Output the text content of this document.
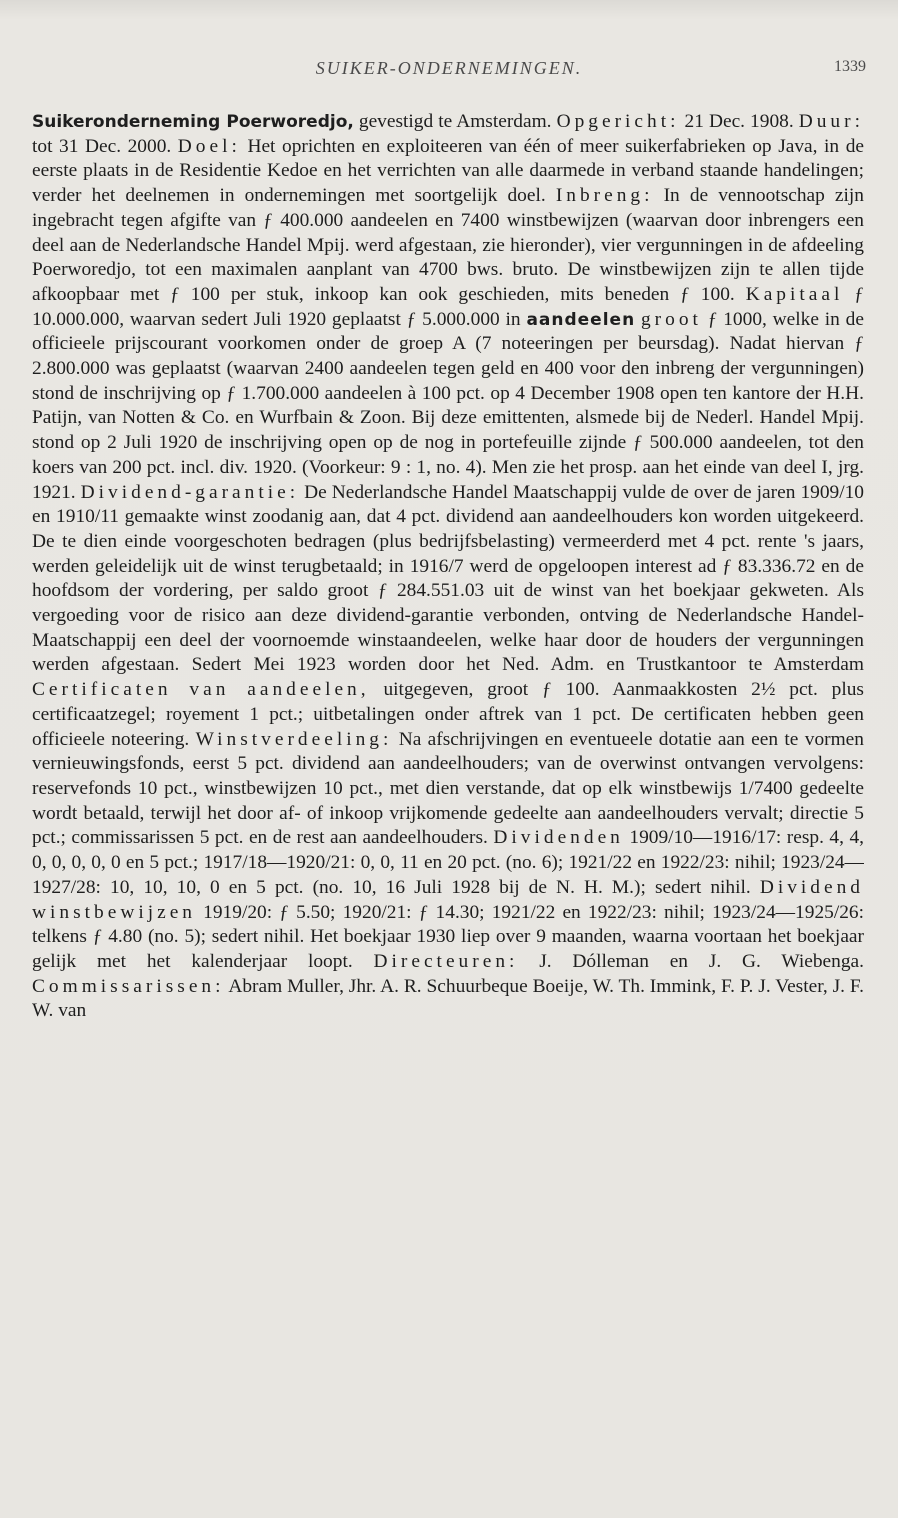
SUIKER-ONDERNEMINGEN.	1339

Suikeronderneming Poerworedjo, gevestigd te Amsterdam. Opgericht: 21 Dec. 1908. Duur: tot 31 Dec. 2000. Doel: Het oprichten en exploiteeren van één of meer suikerfabrieken op Java, in de eerste plaats in de Residentie Kedoe en het verrichten van alle daarmede in verband staande handelingen; verder het deelnemen in ondernemingen met soortgelijk doel. Inbreng: In de vennootschap zijn ingebracht tegen afgifte van ƒ 400.000 aandeelen en 7400 winstbewijzen (waarvan door inbrengers een deel aan de Nederlandsche Handel Mpij. werd afgestaan, zie hieronder), vier vergunningen in de afdeeling Poerworedjo, tot een maximalen aanplant van 4700 bws. bruto. De winstbewijzen zijn te allen tijde afkoopbaar met ƒ 100 per stuk, inkoop kan ook geschieden, mits beneden ƒ 100. Kapitaal ƒ 10.000.000, waarvan sedert Juli 1920 geplaatst ƒ 5.000.000 in aandeelen groot ƒ 1000, welke in de officieele prijscourant voorkomen onder de groep A (7 noteeringen per beursdag). Nadat hiervan ƒ 2.800.000 was geplaatst (waarvan 2400 aandeelen tegen geld en 400 voor den inbreng der vergunningen) stond de inschrijving op ƒ 1.700.000 aandeelen à 100 pct. op 4 December 1908 open ten kantore der H.H. Patijn, van Notten & Co. en Wurfbain & Zoon. Bij deze emittenten, alsmede bij de Nederl. Handel Mpij. stond op 2 Juli 1920 de inschrijving open op de nog in portefeuille zijnde ƒ 500.000 aandeelen, tot den koers van 200 pct. incl. div. 1920. (Voorkeur: 9 : 1, no. 4). Men zie het prosp. aan het einde van deel I, jrg. 1921. Dividend-garantie: De Nederlandsche Handel Maatschappij vulde de over de jaren 1909/10 en 1910/11 gemaakte winst zoodanig aan, dat 4 pct. dividend aan aandeelhouders kon worden uitgekeerd. De te dien einde voorgeschoten bedragen (plus bedrijfsbelasting) vermeerderd met 4 pct. rente 's jaars, werden geleidelijk uit de winst terugbetaald; in 1916/7 werd de opgeloopen interest ad ƒ 83.336.72 en de hoofdsom der vordering, per saldo groot ƒ 284.551.03 uit de winst van het boekjaar gekweten. Als vergoeding voor de risico aan deze dividend-garantie verbonden, ontving de Nederlandsche Handel-Maatschappij een deel der voornoemde winstaandeelen, welke haar door de houders der vergunningen werden afgestaan. Sedert Mei 1923 worden door het Ned. Adm. en Trustkantoor te Amsterdam Certificaten van aandeelen, uitgegeven, groot ƒ 100. Aanmaakkosten 2½ pct. plus certificaatzegel; royement 1 pct.; uitbetalingen onder aftrek van 1 pct. De certificaten hebben geen officieele noteering. Winstverdeeling: Na afschrijvingen en eventueele dotatie aan een te vormen vernieuwingsfonds, eerst 5 pct. dividend aan aandeelhouders; van de overwinst ontvangen vervolgens: reservefonds 10 pct., winstbewijzen 10 pct., met dien verstande, dat op elk winstbewijs 1/7400 gedeelte wordt betaald, terwijl het door af- of inkoop vrijkomende gedeelte aan aandeelhouders vervalt; directie 5 pct.; commissarissen 5 pct. en de rest aan aandeelhouders. Dividenden 1909/10—1916/17: resp. 4, 4, 0, 0, 0, 0, 0 en 5 pct.; 1917/18—1920/21: 0, 0, 11 en 20 pct. (no. 6); 1921/22 en 1922/23: nihil; 1923/24—1927/28: 10, 10, 10, 0 en 5 pct. (no. 10, 16 Juli 1928 bij de N. H. M.); sedert nihil. Dividend winstbewijzen 1919/20: ƒ 5.50; 1920/21: ƒ 14.30; 1921/22 en 1922/23: nihil; 1923/24—1925/26: telkens ƒ 4.80 (no. 5); sedert nihil. Het boekjaar 1930 liep over 9 maanden, waarna voortaan het boekjaar gelijk met het kalenderjaar loopt. Directeuren: J. Dólleman en J. G. Wiebenga. Commissarissen: Abram Muller, Jhr. A. R. Schuurbeque Boeije, W. Th. Immink, F. P. J. Vester, J. F. W. van
